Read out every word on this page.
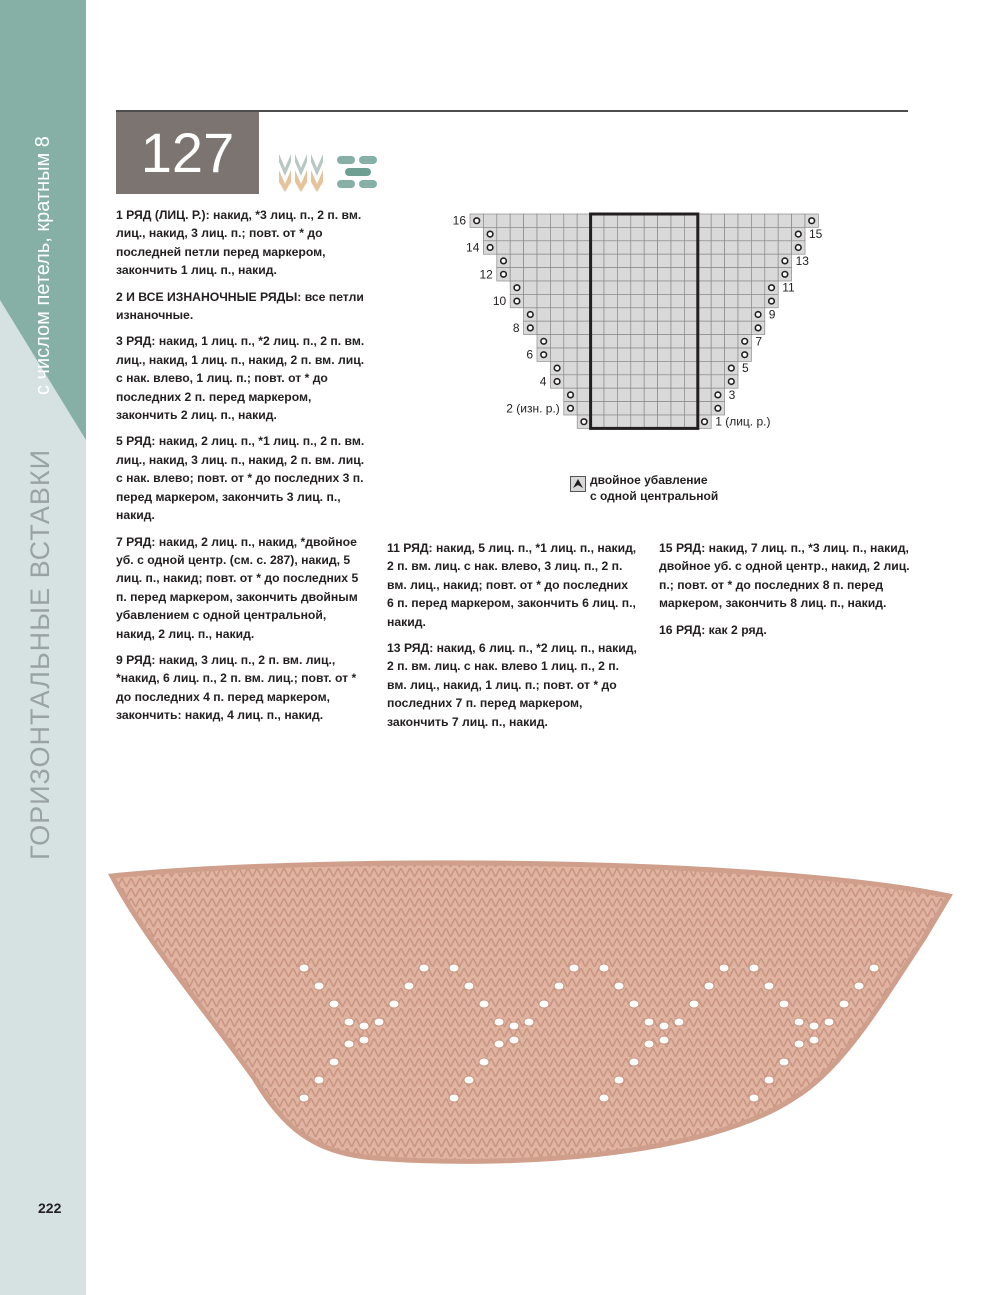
с числом петель, кратным 8
ГОРИЗОНТАЛЬНЫЕ ВСТАВКИ
222
127

1 РЯД (ЛИЦ. Р.): накид, *3 лиц. п., 2 п. вм. лиц., накид, 3 лиц. п.; повт. от * до последней петли перед маркером, закончить 1 лиц. п., накид.

2 И ВСЕ ИЗНАНОЧНЫЕ РЯДЫ: все петли изнаночные.

3 РЯД: накид, 1 лиц. п., *2 лиц. п., 2 п. вм. лиц., накид, 1 лиц. п., накид, 2 п. вм. лиц. с нак. влево, 1 лиц. п.; повт. от * до последних 2 п. перед маркером, закончить 2 лиц. п., накид.

5 РЯД: накид, 2 лиц. п., *1 лиц. п., 2 п. вм. лиц., накид, 3 лиц. п., накид, 2 п. вм. лиц. с нак. влево; повт. от * до последних 3 п. перед маркером, закончить 3 лиц. п., накид.

7 РЯД: накид, 2 лиц. п., накид, *двойное уб. с одной центр. (см. с. 287), накид, 5 лиц. п., накид; повт. от * до последних 5 п. перед маркером, закончить двойным убавлением с одной центральной, накид, 2 лиц. п., накид.

9 РЯД: накид, 3 лиц. п., 2 п. вм. лиц., *накид, 6 лиц. п., 2 п. вм. лиц.; повт. от * до последних 4 п. перед маркером, закончить: накид, 4 лиц. п., накид.

11 РЯД: накид, 5 лиц. п., *1 лиц. п., накид, 2 п. вм. лиц. с нак. влево, 3 лиц. п., 2 п. вм. лиц., накид; повт. от * до последних 6 п. перед маркером, закончить 6 лиц. п., накид.

13 РЯД: накид, 6 лиц. п., *2 лиц. п., накид, 2 п. вм. лиц. с нак. влево 1 лиц. п., 2 п. вм. лиц., накид, 1 лиц. п.; повт. от * до последних 7 п. перед маркером, закончить 7 лиц. п., накид.

15 РЯД: накид, 7 лиц. п., *3 лиц. п., накид, двойное уб. с одной центр., накид, 2 лиц. п.; повт. от * до последних 8 п. перед маркером, закончить 8 лиц. п., накид.

16 РЯД: как 2 ряд.

16
15
14
13
12
11
10
9
8
7
6
5
4
3
2 (изн. р.)
1 (лиц. р.)
двойное убавление
с одной центральной
